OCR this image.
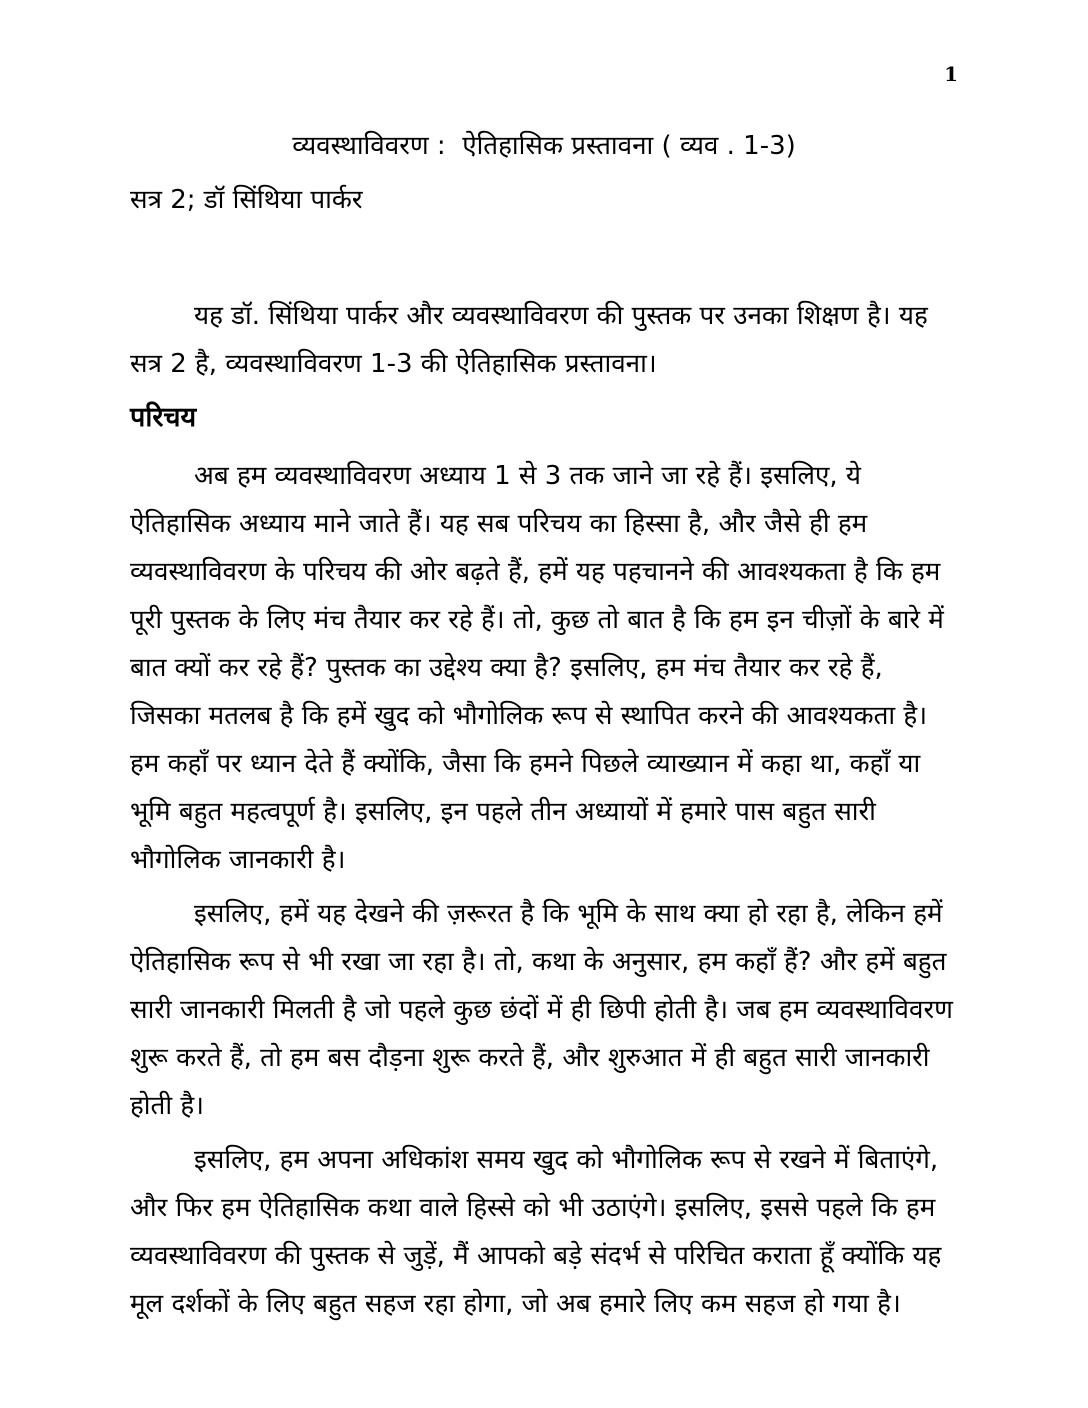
1
व्यवस्थाविवरण :  ऐतिहासिक प्रस्तावना ( व्यव . 1-3)

सत्र 2; डॉ सिंथिया पार्कर

यह डॉ. सिंथिया पार्कर और व्यवस्थाविवरण की पुस्तक पर उनका शिक्षण है। यह सत्र 2 है, व्यवस्थाविवरण 1-3 की ऐतिहासिक प्रस्तावना।

परिचय

अब हम व्यवस्थाविवरण अध्याय 1 से 3 तक जाने जा रहे हैं। इसलिए, ये ऐतिहासिक अध्याय माने जाते हैं। यह सब परिचय का हिस्सा है, और जैसे ही हम व्यवस्थाविवरण के परिचय की ओर बढ़ते हैं, हमें यह पहचानने की आवश्यकता है कि हम पूरी पुस्तक के लिए मंच तैयार कर रहे हैं। तो, कुछ तो बात है कि हम इन चीज़ों के बारे में बात क्यों कर रहे हैं? पुस्तक का उद्देश्य क्या है? इसलिए, हम मंच तैयार कर रहे हैं, जिसका मतलब है कि हमें खुद को भौगोलिक रूप से स्थापित करने की आवश्यकता है। हम कहाँ पर ध्यान देते हैं क्योंकि, जैसा कि हमने पिछले व्याख्यान में कहा था, कहाँ या भूमि बहुत महत्वपूर्ण है। इसलिए, इन पहले तीन अध्यायों में हमारे पास बहुत सारी भौगोलिक जानकारी है।

इसलिए, हमें यह देखने की ज़रूरत है कि भूमि के साथ क्या हो रहा है, लेकिन हमें ऐतिहासिक रूप से भी रखा जा रहा है। तो, कथा के अनुसार, हम कहाँ हैं? और हमें बहुत सारी जानकारी मिलती है जो पहले कुछ छंदों में ही छिपी होती है। जब हम व्यवस्थाविवरण शुरू करते हैं, तो हम बस दौड़ना शुरू करते हैं, और शुरुआत में ही बहुत सारी जानकारी होती है।

इसलिए, हम अपना अधिकांश समय खुद को भौगोलिक रूप से रखने में बिताएंगे, और फिर हम ऐतिहासिक कथा वाले हिस्से को भी उठाएंगे। इसलिए, इससे पहले कि हम व्यवस्थाविवरण की पुस्तक से जुड़ें, मैं आपको बड़े संदर्भ से परिचित कराता हूँ क्योंकि यह मूल दर्शकों के लिए बहुत सहज रहा होगा, जो अब हमारे लिए कम सहज हो गया है।
